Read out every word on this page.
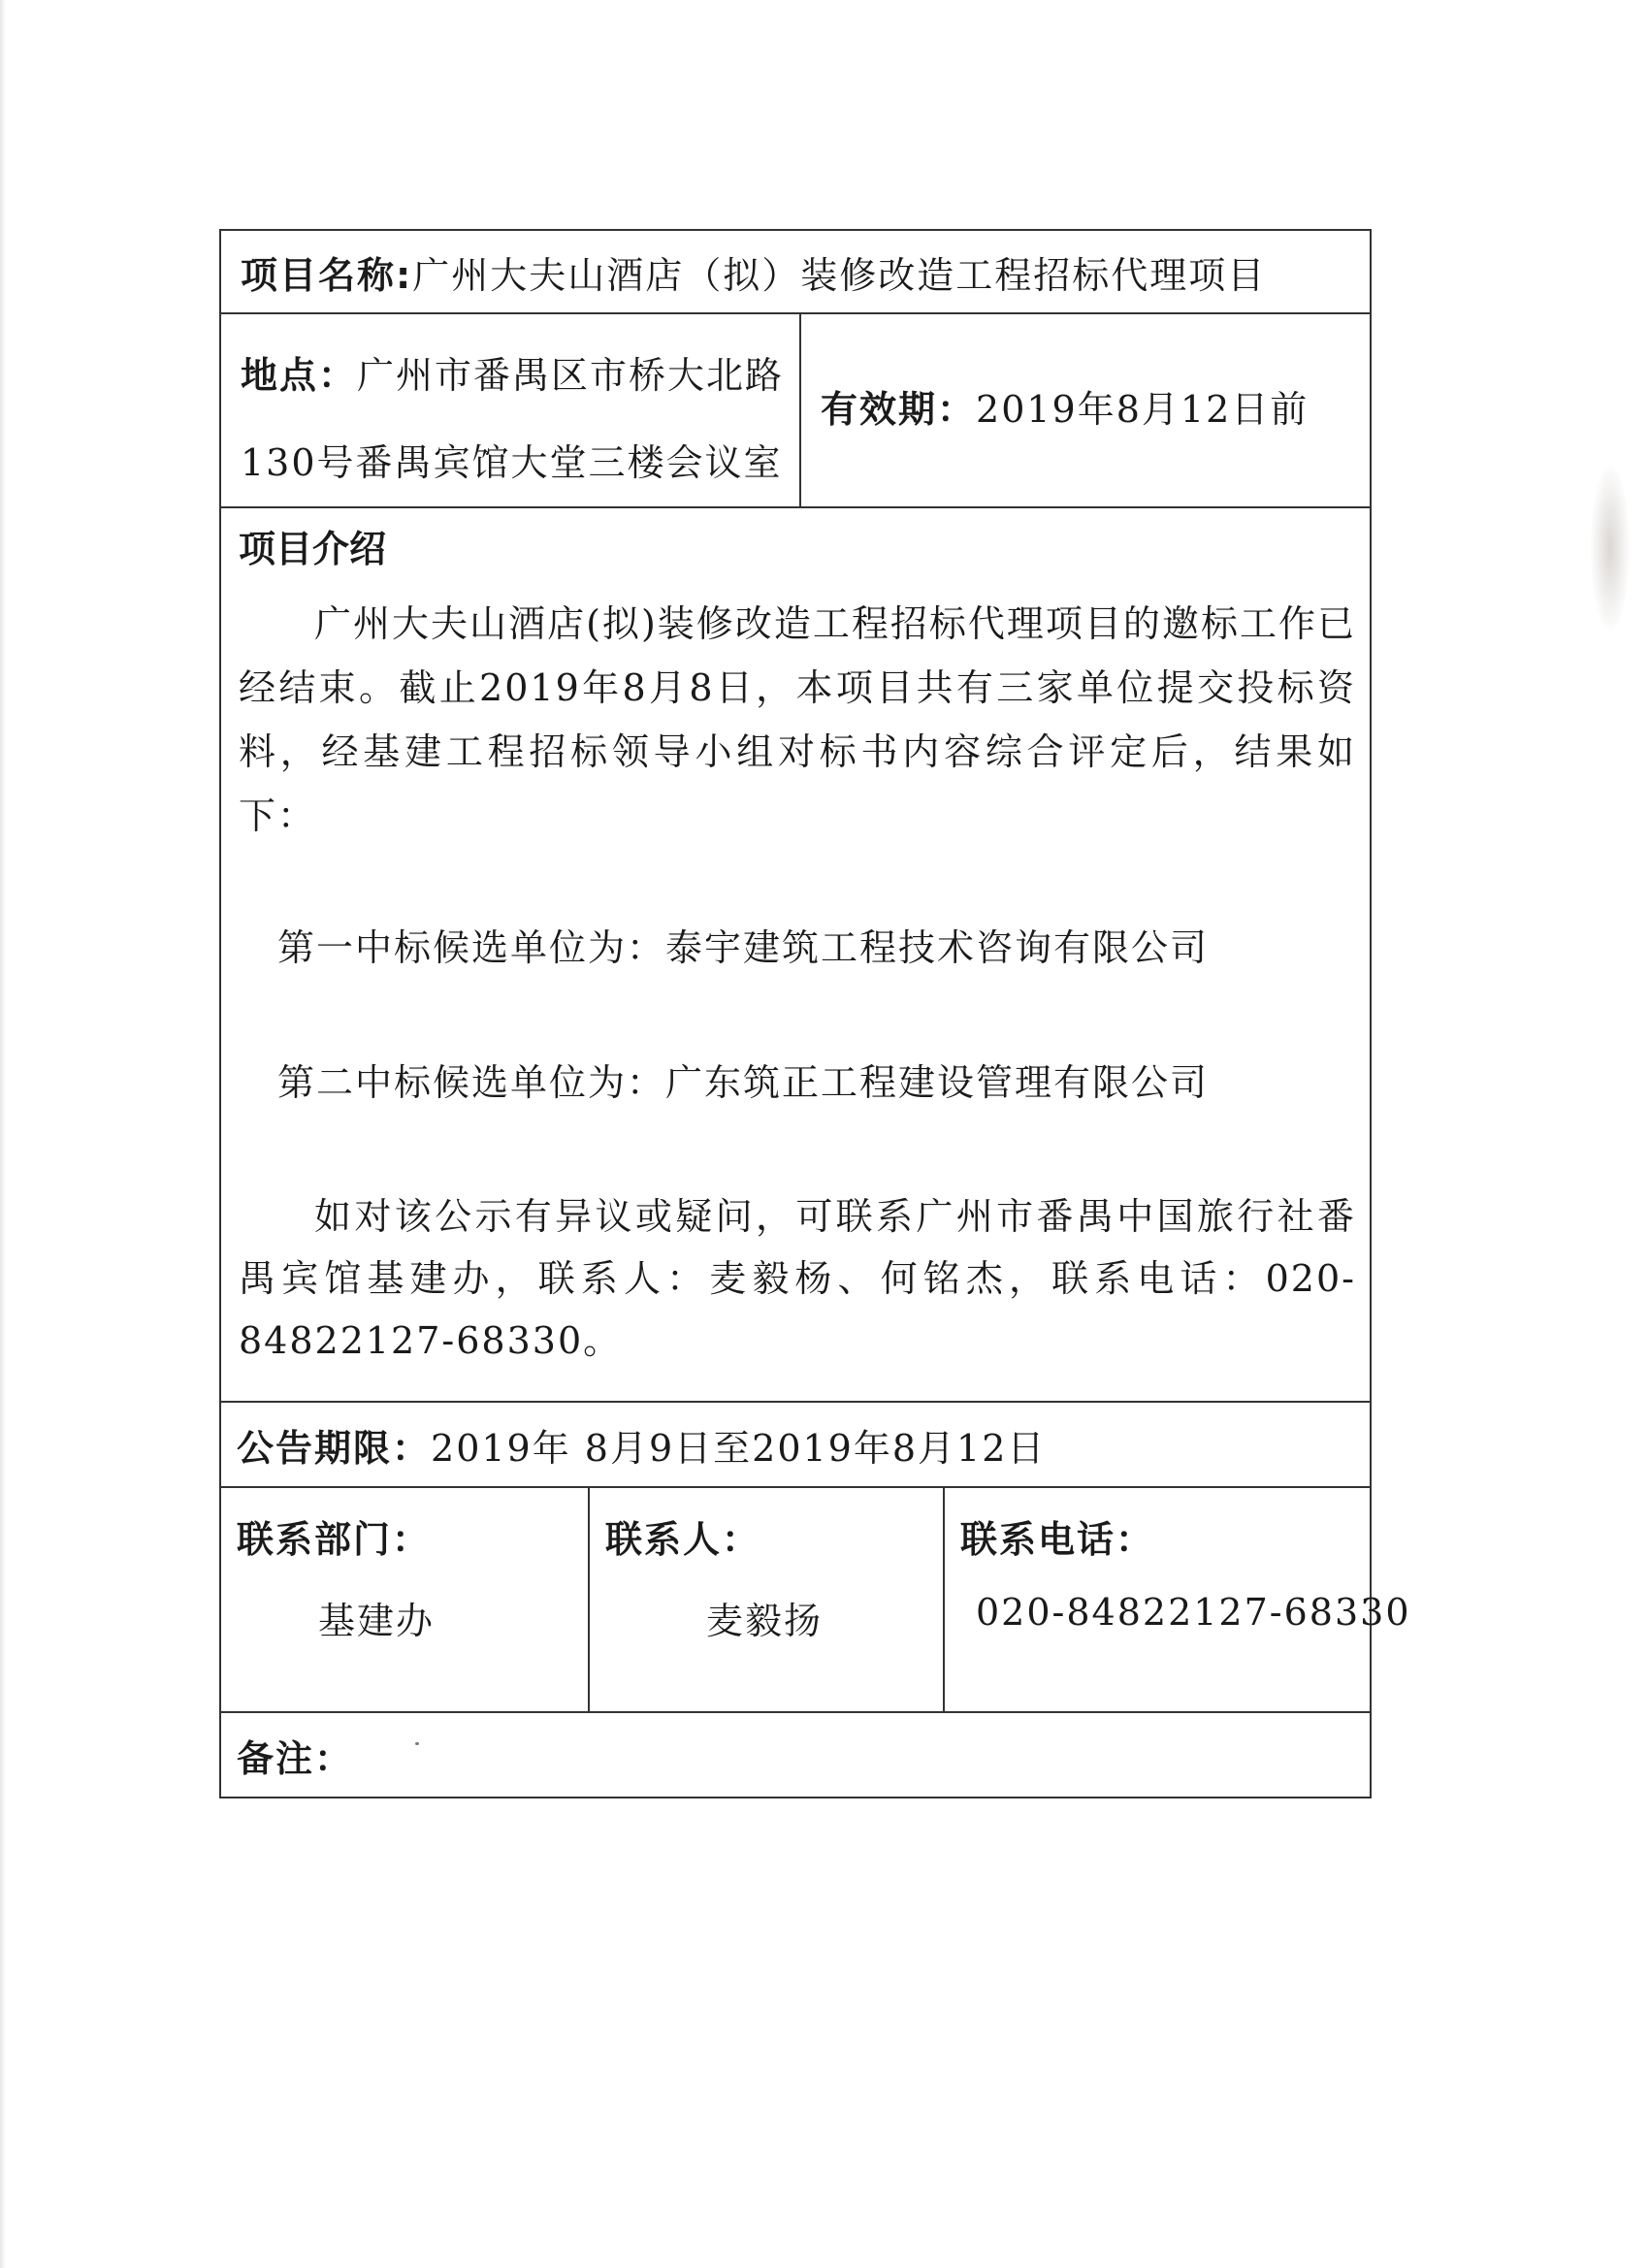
项目名称: 广州大夫山酒店（拟）装修改造工程招标代理项目
地点：广州市番禺区市桥大北路
130号番禺宾馆大堂三楼会议室
有效期： 2019年8月12日前
项目介绍

广州大夫山酒店(拟)装修改造工程招标代理项目的邀标工作已经结束。截止2019年8月8日，本项目共有三家单位提交投标资料，经基建工程招标领导小组对标书内容综合评定后，结果如下：

第一中标候选单位为：泰宇建筑工程技术咨询有限公司
第二中标候选单位为：广东筑正工程建设管理有限公司

如对该公示有异议或疑问，可联系广州市番禺中国旅行社番禺宾馆基建办，联系人：麦毅杨、何铭杰，联系电话：020-84822127-68330。

公告期限： 2019年 8月9日至2019年8月12日
联系部门：
基建办
联系人：
麦毅扬
联系电话：
020-84822127-68330
备注：
